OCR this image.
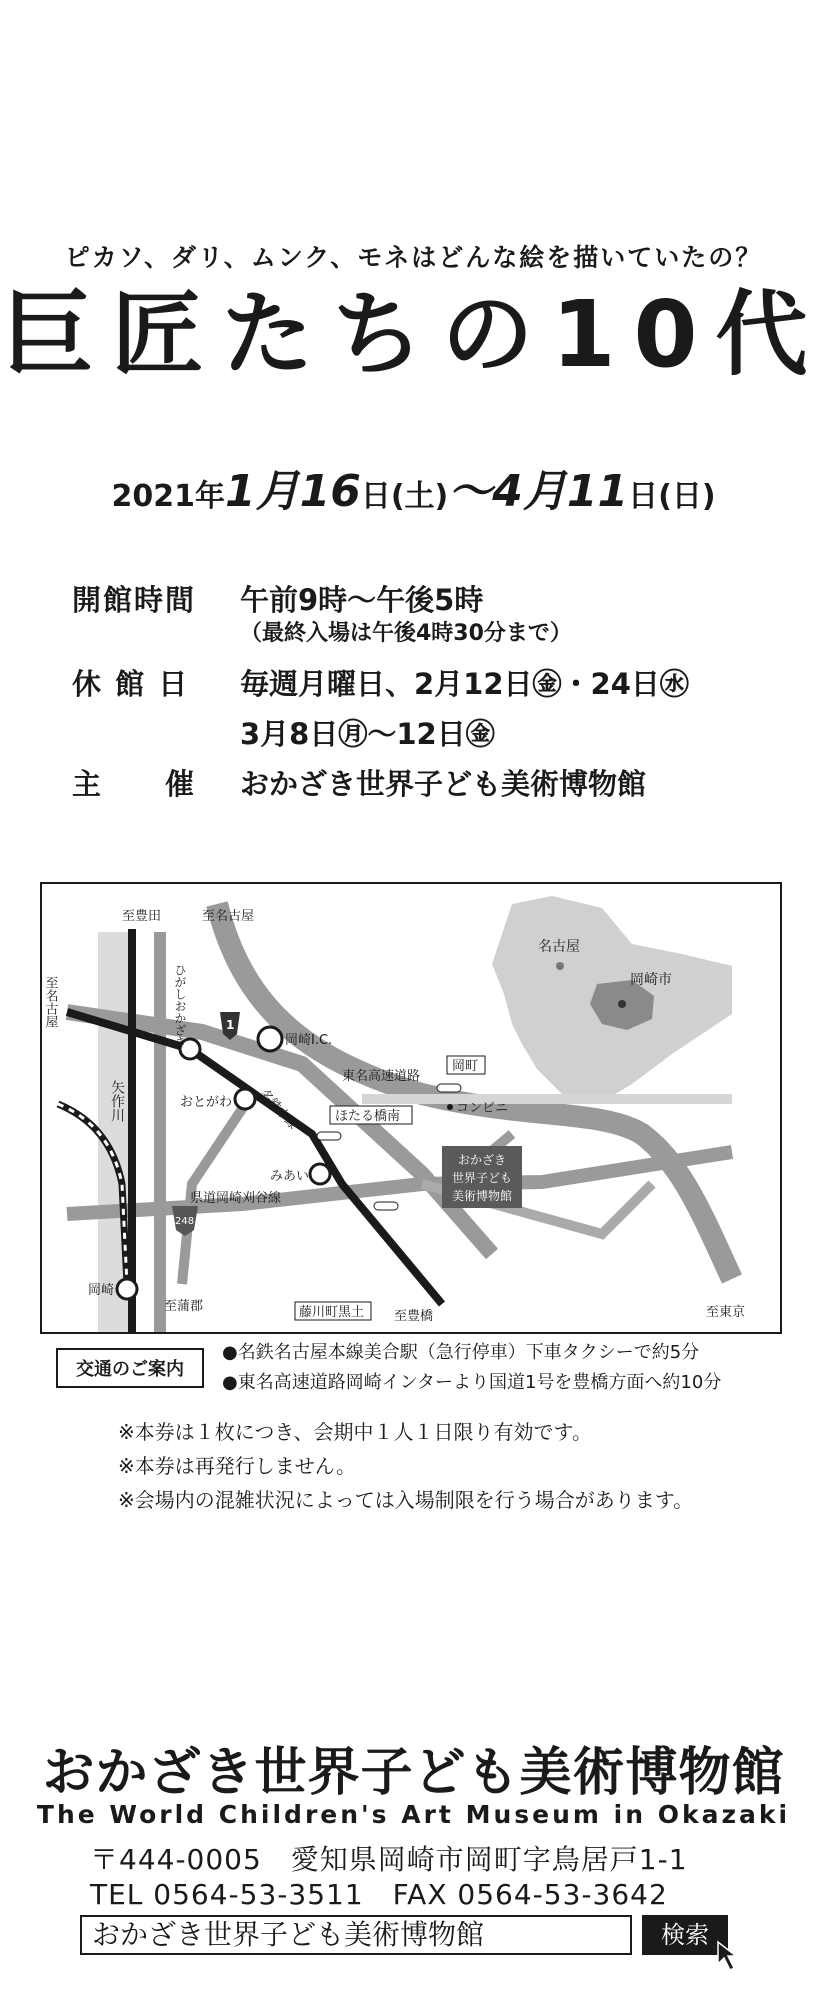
ピカソ、ダリ、ムンク、モネはどんな絵を描いていたの？
巨匠たちの10代
2021年1月16日(土)〜4月11日(日)
開館時間 午前9時〜午後5時
（最終入場は午後4時30分まで）
休 館 日 毎週月曜日、2月12日㊎・24日㊌
3月8日㊊〜12日㊎
主　　催 おかざき世界子ども美術博物館
名古屋
岡崎市
矢作川
1
248
おかざき
世界子ども
美術博物館
至豊田	至名古屋
至名古屋	ひがしおかざき	岡崎I.C.
東名高速道路
岡町
コンビニ
ほたる橋南
おとがわ 名鉄本線
県道岡崎刈谷線
みあい
岡崎
至蒲郡	藤川町黒土 至豊橋	至東京
交通のご案内
●名鉄名古屋本線美合駅（急行停車）下車タクシーで約5分
●東名高速道路岡崎インターより国道1号を豊橋方面へ約10分
※本券は１枚につき、会期中１人１日限り有効です。
※本券は再発行しません。
※会場内の混雑状況によっては入場制限を行う場合があります。
おかざき世界子ども美術博物館
The World Children's Art Museum in Okazaki
〒444-0005　愛知県岡崎市岡町字鳥居戸1-1
TEL 0564-53-3511　FAX 0564-53-3642
おかざき世界子ども美術博物館	検索
